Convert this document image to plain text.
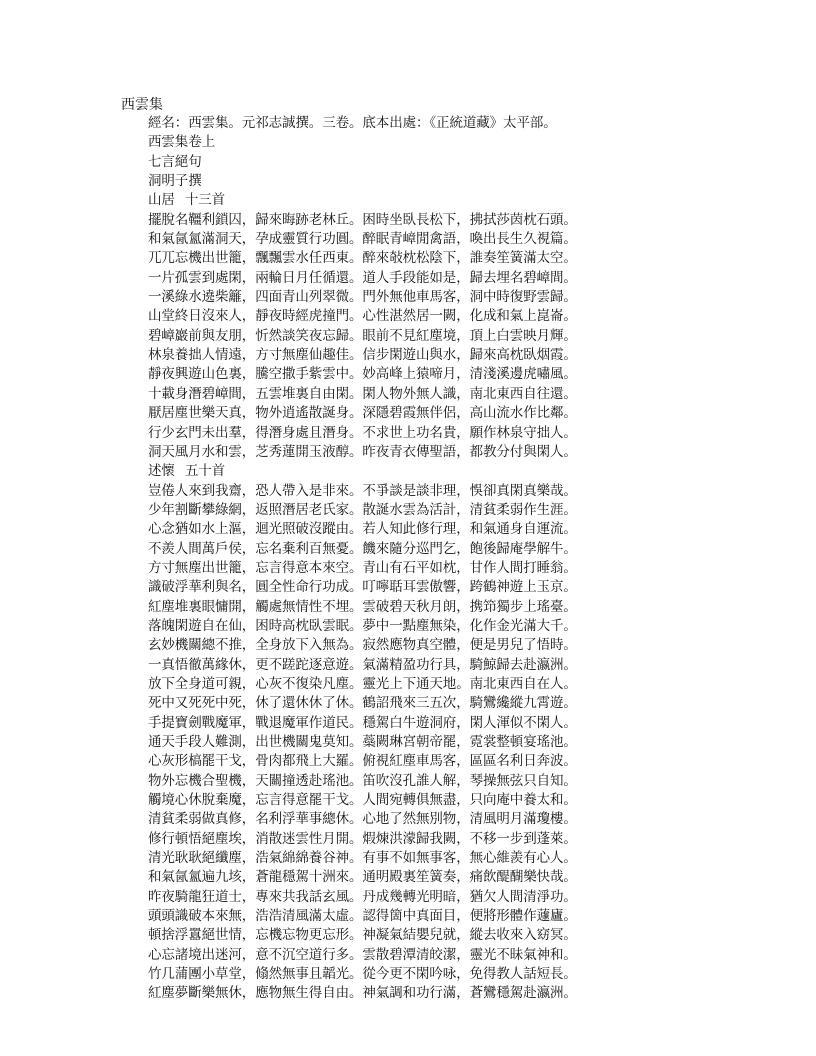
西雲集
經名：西雲集。元祁志誠撰。三卷。底本出處：《正統道藏》太平部。
西雲集卷上
七言絕句
洞明子撰
山居 十三首
擺脫名韁利鎖囚，歸來晦跡老林丘。困時坐臥長松下，拂拭莎茵枕石頭。
和氣氤氳滿洞天，孕成靈質行功圓。醉眠青嶂閒禽語，喚出長生久視篇。
兀兀忘機出世籠，飄飄雲水任西東。醉來敧枕松陰下，誰奏笙簧滿太空。
一片孤雲到處閑，兩輪日月任循還。道人手段能如是，歸去埋名碧嶂間。
一溪綠水遶柴籬，四面青山列翠微。門外無他車馬客，洞中時復野雲歸。
山堂終日沒來人，靜夜時經虎撞門。心性湛然居一闕，化成和氣上崑崙。
碧嶂巖前與友朋，忻然談笑夜忘歸。眼前不見紅塵境，頂上白雲映月輝。
林泉養拙人情遠，方寸無塵仙趣佳。信步閑遊山與水，歸來高枕臥烟霞。
靜夜興遊山色裏，騰空撒手紫雲中。妙高峰上猿啼月，清淺溪邊虎嘯風。
十載身潛碧嶂間，五雲堆裏自由閑。閑人物外無人識，南北東西自往還。
厭居塵世樂天真，物外逍遙散誕身。深隱碧霞無伴侶，高山流水作比鄰。
行少玄門未出羣，得潛身處且潛身。不求世上功名貴，願作林泉守拙人。
洞天風月水和雲，芝秀蓮開玉液醇。昨夜青衣傳聖語，都教分付與閑人。
述懷 五十首
豈倦人來到我齋，恐人帶入是非來。不爭談是談非理，悞卻真閑真樂哉。
少年割斷攀綠網，返照潛居老氏家。散誕水雲為活計，清貧柔弱作生涯。
心念猶如水上漚，迴光照破沒蹤由。若人知此修行理，和氣通身自運流。
不羨人間萬戶侯，忘名棄利百無憂。饑來隨分巡門乞，飽後歸庵學解牛。
方寸無塵出世籠，忘言得意本來空。青山有石平如枕，甘作人間打睡翁。
識破浮華利與名，圓全性命行功成。叮嚀聒耳雲傲響，跨鶴神遊上玉京。
紅塵堆裏眼慵開，觸處無情性不埋。雲破碧天秋月朗，携笻獨步上瑤臺。
落魄閑遊自在仙，困時高枕臥雲眠。夢中一點塵無染，化作金光滿大千。
玄妙機關總不推，全身放下入無為。寂然應物真空體，便是男兒了悟時。
一真悟徹萬緣休，更不蹉跎逐意遊。氣滿精盈功行具，騎鯨歸去赴瀛洲。
放下全身道可親，心灰不復染凡塵。靈光上下通天地。南北東西自在人。
死中又死死中死，休了還休休了休。鶴詔飛來三五次，騎鸞纔縱九霄遊。
手提寶劍戰魔軍，戰退魔軍作道民。穩駕白牛遊洞府，閑人渾似不閑人。
通天手段人難測，出世機關鬼莫知。蘂闕琳宮朝帝罷，霓裳整頓宴瑤池。
心灰形槁罷干戈，骨肉都飛上大羅。俯視紅塵車馬客，區區名利日奔波。
物外忘機合聖機，天關撞透赴瑤池。笛吹沒孔誰人解，琴操無弦只自知。
觸境心休脫棄魔，忘言得意罷干戈。人間宛轉俱無盡，只向庵中養太和。
清貧柔弱做真修，名利浮華事總休。心地了然無別物，清風明月滿瓊樓。
修行頓悟絕塵埃，消散迷雲性月開。煆煉洪濛歸我闕，不移一步到蓬萊。
清光耿耿絕纖塵，浩氣綿綿養谷神。有事不如無事客，無心維羨有心人。
和氣氤氳遍九垓，蒼龍穩駕十洲來。通明殿裏笙簧奏，痛飲醍醐樂快哉。
昨夜騎龍狂道士，專來共我話玄風。丹成幾轉光明暗，猶欠人間清淨功。
頭頭識破本來無，浩浩清風滿太虛。認得箇中真面目，便將形體作蘧廬。
頓捨浮囂絕世情，忘機忘物更忘形。神凝氣結嬰兒就，縱去收來入窈冥。
心忘諸境出迷河，意不沉空道行多。雲散碧潭清皎潔，靈光不昧氣神和。
竹几蒲團小草堂，翛然無事且韜光。從今更不閑吟咏，免得教人話短長。
紅塵夢斷樂無休，應物無生得自由。神氣調和功行滿，蒼鸞穩駕赴瀛洲。
